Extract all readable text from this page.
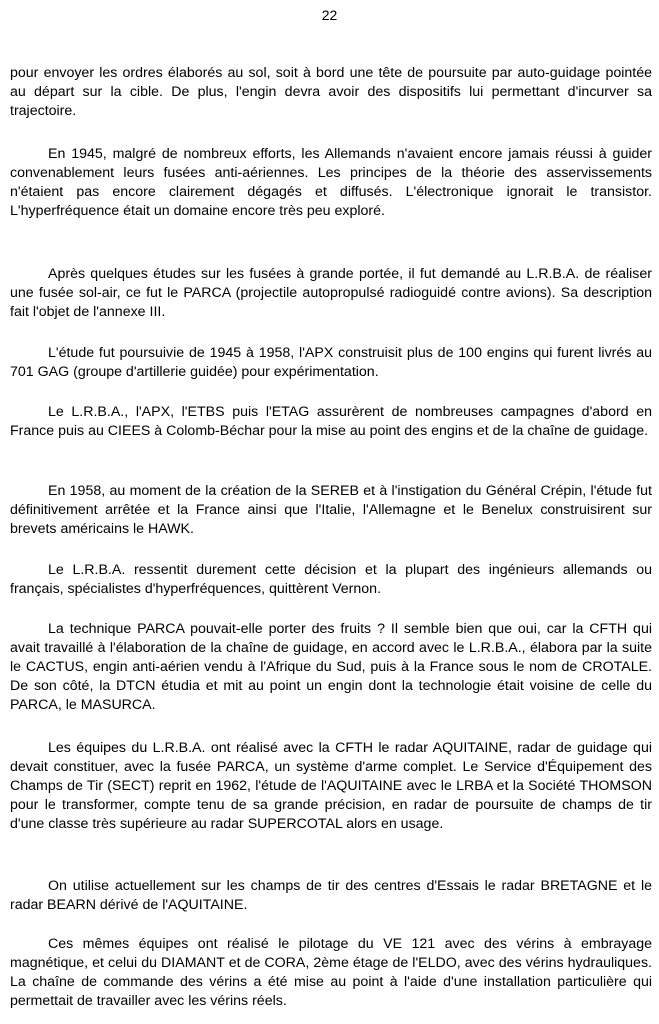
22

pour envoyer les ordres élaborés au sol, soit à bord une tête de poursuite par auto-guidage pointée au départ sur la cible. De plus, l'engin devra avoir des dispositifs lui permettant d'incurver sa trajectoire.

En 1945, malgré de nombreux efforts, les Allemands n'avaient encore jamais réussi à guider convenablement leurs fusées anti-aériennes. Les principes de la théorie des asservissements n'étaient pas encore clairement dégagés et diffusés. L'électronique ignorait le transistor. L'hyperfréquence était un domaine encore très peu exploré.

Après quelques études sur les fusées à grande portée, il fut demandé au L.R.B.A. de réaliser une fusée sol-air, ce fut le PARCA (projectile autopropulsé radioguidé contre avions). Sa description fait l'objet de l'annexe III.

L'étude fut poursuivie de 1945 à 1958, l'APX construisit plus de 100 engins qui furent livrés au 701 GAG (groupe d'artillerie guidée) pour expérimentation.

Le L.R.B.A., l'APX, l'ETBS puis l'ETAG assurèrent de nombreuses campagnes d'abord en France puis au CIEES à Colomb-Béchar pour la mise au point des engins et de la chaîne de guidage.

En 1958, au moment de la création de la SEREB et à l'instigation du Général Crépin, l'étude fut définitivement arrêtée et la France ainsi que l'Italie, l'Allemagne et le Benelux construisirent sur brevets américains le HAWK.

Le L.R.B.A. ressentit durement cette décision et la plupart des ingénieurs allemands ou français, spécialistes d'hyperfréquences, quittèrent Vernon.

La technique PARCA pouvait-elle porter des fruits ? Il semble bien que oui, car la CFTH qui avait travaillé à l'élaboration de la chaîne de guidage, en accord avec le L.R.B.A., élabora par la suite le CACTUS, engin anti-aérien vendu à l'Afrique du Sud, puis à la France sous le nom de CROTALE. De son côté, la DTCN étudia et mit au point un engin dont la technologie était voisine de celle du PARCA, le MASURCA.

Les équipes du L.R.B.A. ont réalisé avec la CFTH le radar AQUITAINE, radar de guidage qui devait constituer, avec la fusée PARCA, un système d'arme complet. Le Service d'Équipement des Champs de Tir (SECT) reprit en 1962, l'étude de l'AQUITAINE avec le LRBA et la Société THOMSON pour le transformer, compte tenu de sa grande précision, en radar de poursuite de champs de tir d'une classe très supérieure au radar SUPERCOTAL alors en usage.

On utilise actuellement sur les champs de tir des centres d'Essais le radar BRETAGNE et le radar BEARN dérivé de l'AQUITAINE.

Ces mêmes équipes ont réalisé le pilotage du VE 121 avec des vérins à embrayage magnétique, et celui du DIAMANT et de CORA, 2ème étage de l'ELDO, avec des vérins hydrauliques. La chaîne de commande des vérins a été mise au point à l'aide d'une installation particulière qui permettait de travailler avec les vérins réels.
